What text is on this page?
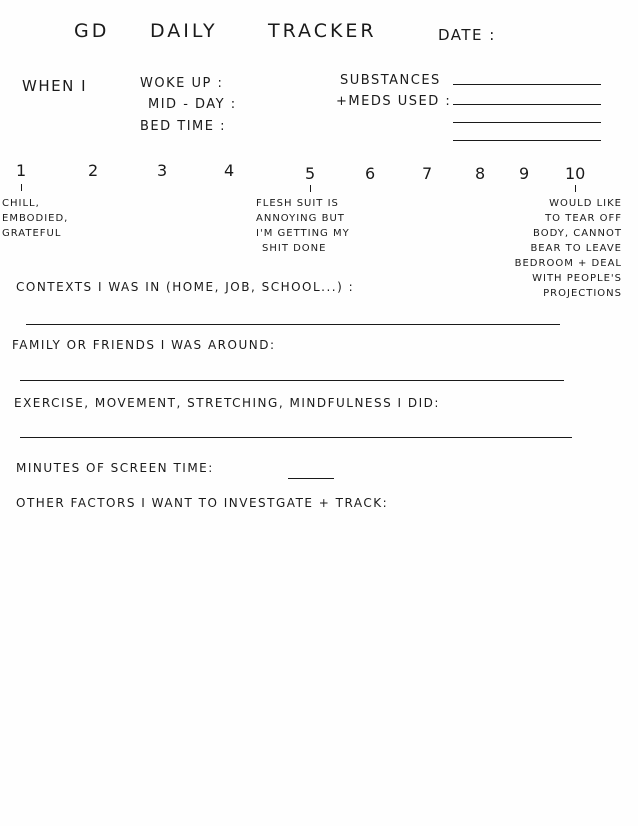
GD DAILY	TRACKER	DATE :
WHEN I	WOKE UP :
MID - DAY :
BED TIME :
SUBSTANCES
+MEDS USED :
1	2	3	4	5	6	7	8 9 10
CHILL,
EMBODIED,
GRATEFUL
FLESH SUIT IS
ANNOYING BUT
I'M GETTING MY
SHIT DONE
WOULD LIKE
TO TEAR OFF
BODY, CANNOT
BEAR TO LEAVE
BEDROOM + DEAL
WITH PEOPLE'S
PROJECTIONS
CONTEXTS I WAS IN (HOME, JOB, SCHOOL...) :
FAMILY OR FRIENDS I WAS AROUND:
EXERCISE, MOVEMENT, STRETCHING, MINDFULNESS I DID:
MINUTES OF SCREEN TIME:
OTHER FACTORS I WANT TO INVESTGATE + TRACK:
